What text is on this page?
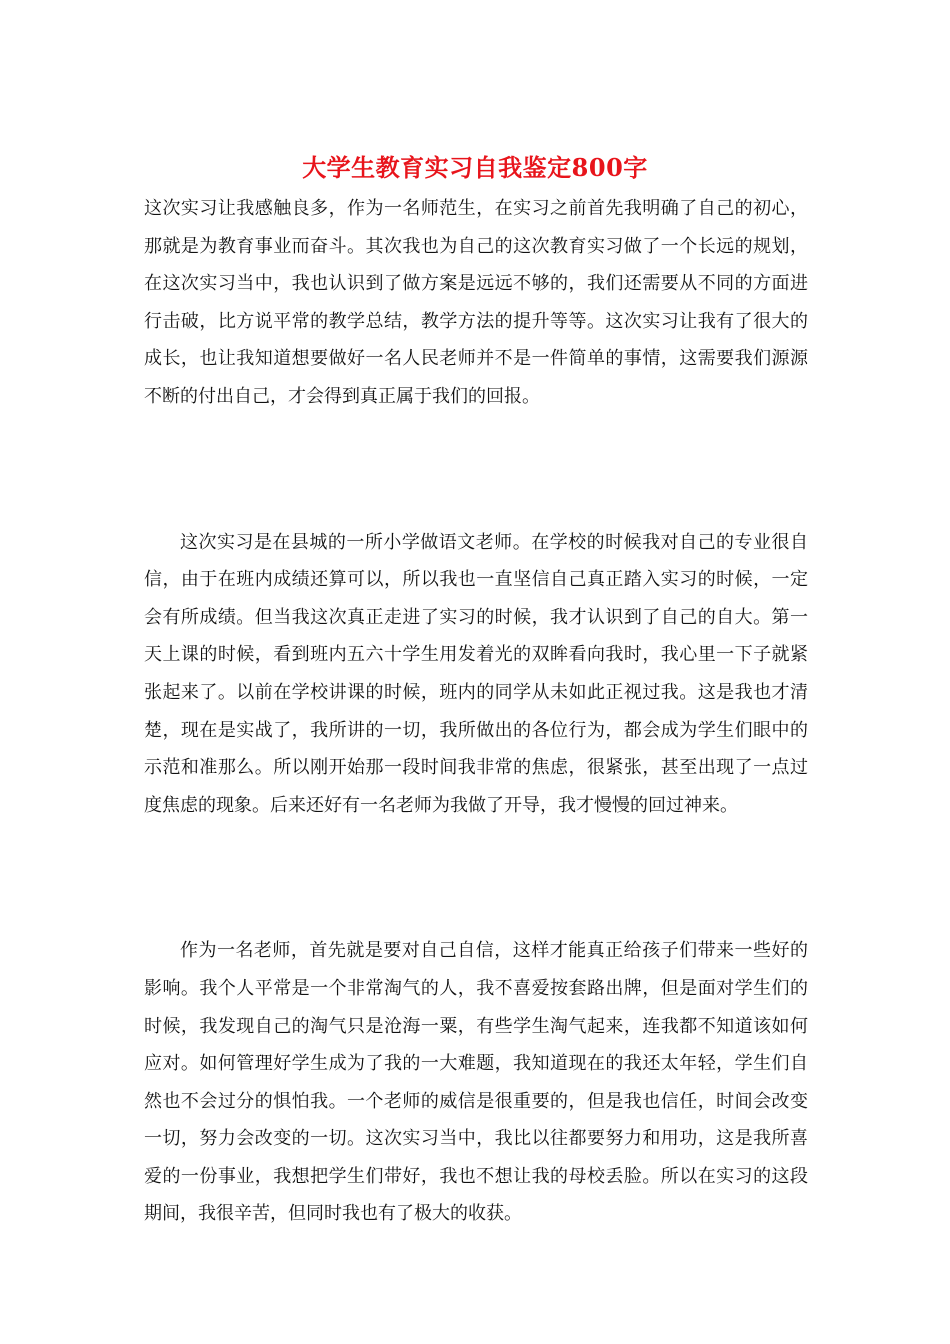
大学生教育实习自我鉴定800字

这次实习让我感触良多，作为一名师范生，在实习之前首先我明确了自己的初心，那就是为教育事业而奋斗。其次我也为自己的这次教育实习做了一个长远的规划，在这次实习当中，我也认识到了做方案是远远不够的，我们还需要从不同的方面进行击破，比方说平常的教学总结，教学方法的提升等等。这次实习让我有了很大的成长，也让我知道想要做好一名人民老师并不是一件简单的事情，这需要我们源源不断的付出自己，才会得到真正属于我们的回报。

这次实习是在县城的一所小学做语文老师。在学校的时候我对自己的专业很自信，由于在班内成绩还算可以，所以我也一直坚信自己真正踏入实习的时候，一定会有所成绩。但当我这次真正走进了实习的时候，我才认识到了自己的自大。第一天上课的时候，看到班内五六十学生用发着光的双眸看向我时，我心里一下子就紧张起来了。以前在学校讲课的时候，班内的同学从未如此正视过我。这是我也才清楚，现在是实战了，我所讲的一切，我所做出的各位行为，都会成为学生们眼中的示范和准那么。所以刚开始那一段时间我非常的焦虑，很紧张，甚至出现了一点过度焦虑的现象。后来还好有一名老师为我做了开导，我才慢慢的回过神来。

作为一名老师，首先就是要对自己自信，这样才能真正给孩子们带来一些好的影响。我个人平常是一个非常淘气的人，我不喜爱按套路出牌，但是面对学生们的时候，我发现自己的淘气只是沧海一粟，有些学生淘气起来，连我都不知道该如何应对。如何管理好学生成为了我的一大难题，我知道现在的我还太年轻，学生们自然也不会过分的惧怕我。一个老师的威信是很重要的，但是我也信任，时间会改变一切，努力会改变的一切。这次实习当中，我比以往都要努力和用功，这是我所喜爱的一份事业，我想把学生们带好，我也不想让我的母校丢脸。所以在实习的这段期间，我很辛苦，但同时我也有了极大的收获。
